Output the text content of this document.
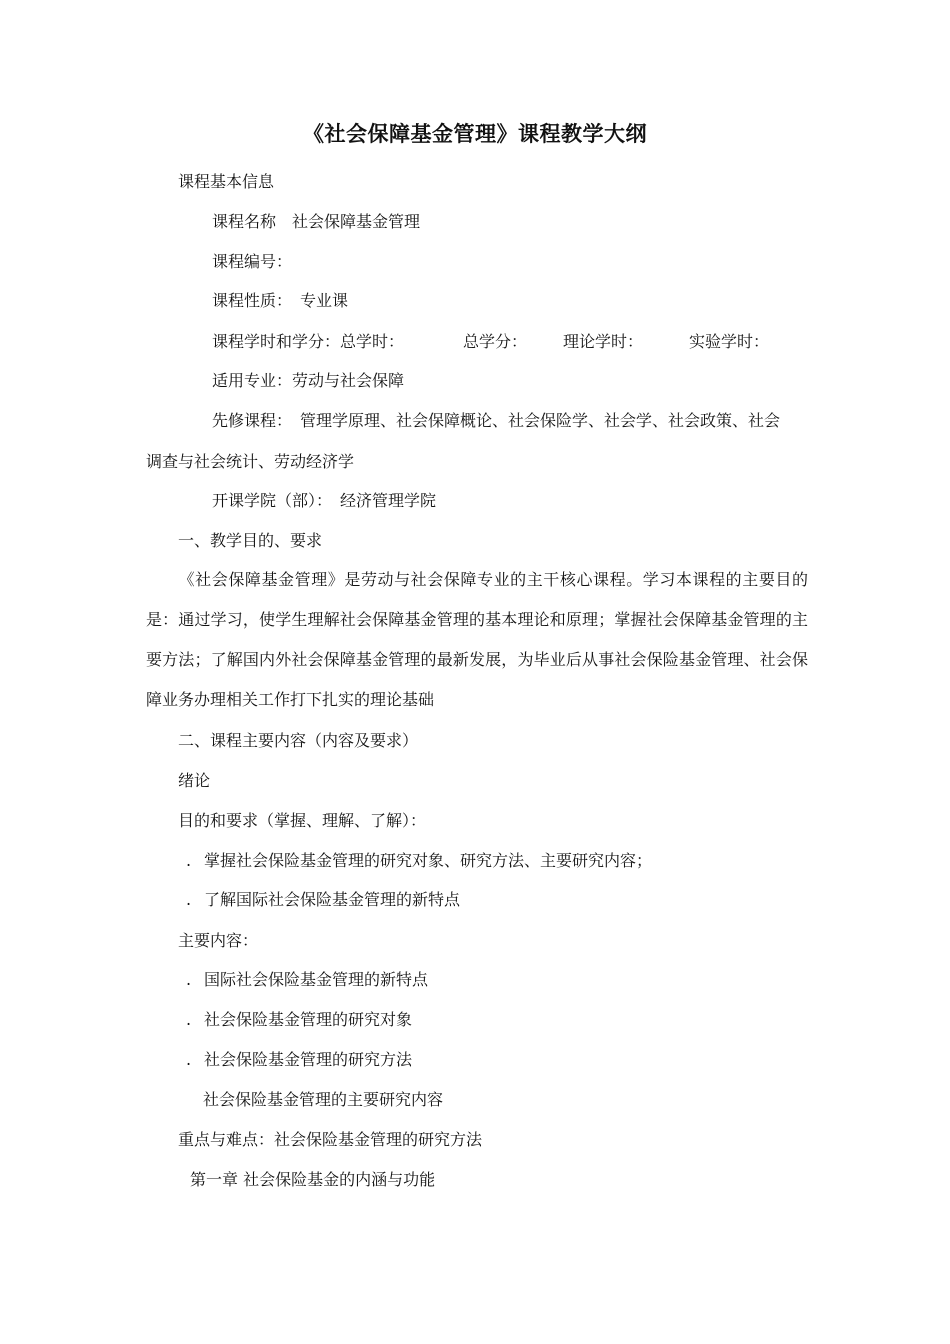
《社会保障基金管理》课程教学大纲
课程基本信息
课程名称　社会保障基金管理
课程编号：
课程性质：　专业课
课程学时和学分：总学时：	总学分： 理论学时：	实验学时：
适用专业：劳动与社会保障
先修课程：　管理学原理、社会保障概论、社会保险学、社会学、社会政策、社会
调查与社会统计、劳动经济学
开课学院（部）：　经济管理学院
一、教学目的、要求
《社会保障基金管理》是劳动与社会保障专业的主干核心课程。学习本课程的主要目的是：通过学习，使学生理解社会保障基金管理的基本理论和原理；掌握社会保障基金管理的主要方法；了解国内外社会保障基金管理的最新发展，为毕业后从事社会保险基金管理、社会保障业务办理相关工作打下扎实的理论基础
二、课程主要内容（内容及要求）
绪论
目的和要求（掌握、理解、了解）：
. 掌握社会保险基金管理的研究对象、研究方法、主要研究内容；
. 了解国际社会保险基金管理的新特点
主要内容：
. 国际社会保险基金管理的新特点
. 社会保险基金管理的研究对象
. 社会保险基金管理的研究方法
社会保险基金管理的主要研究内容
重点与难点：社会保险基金管理的研究方法
第一章 社会保险基金的内涵与功能
